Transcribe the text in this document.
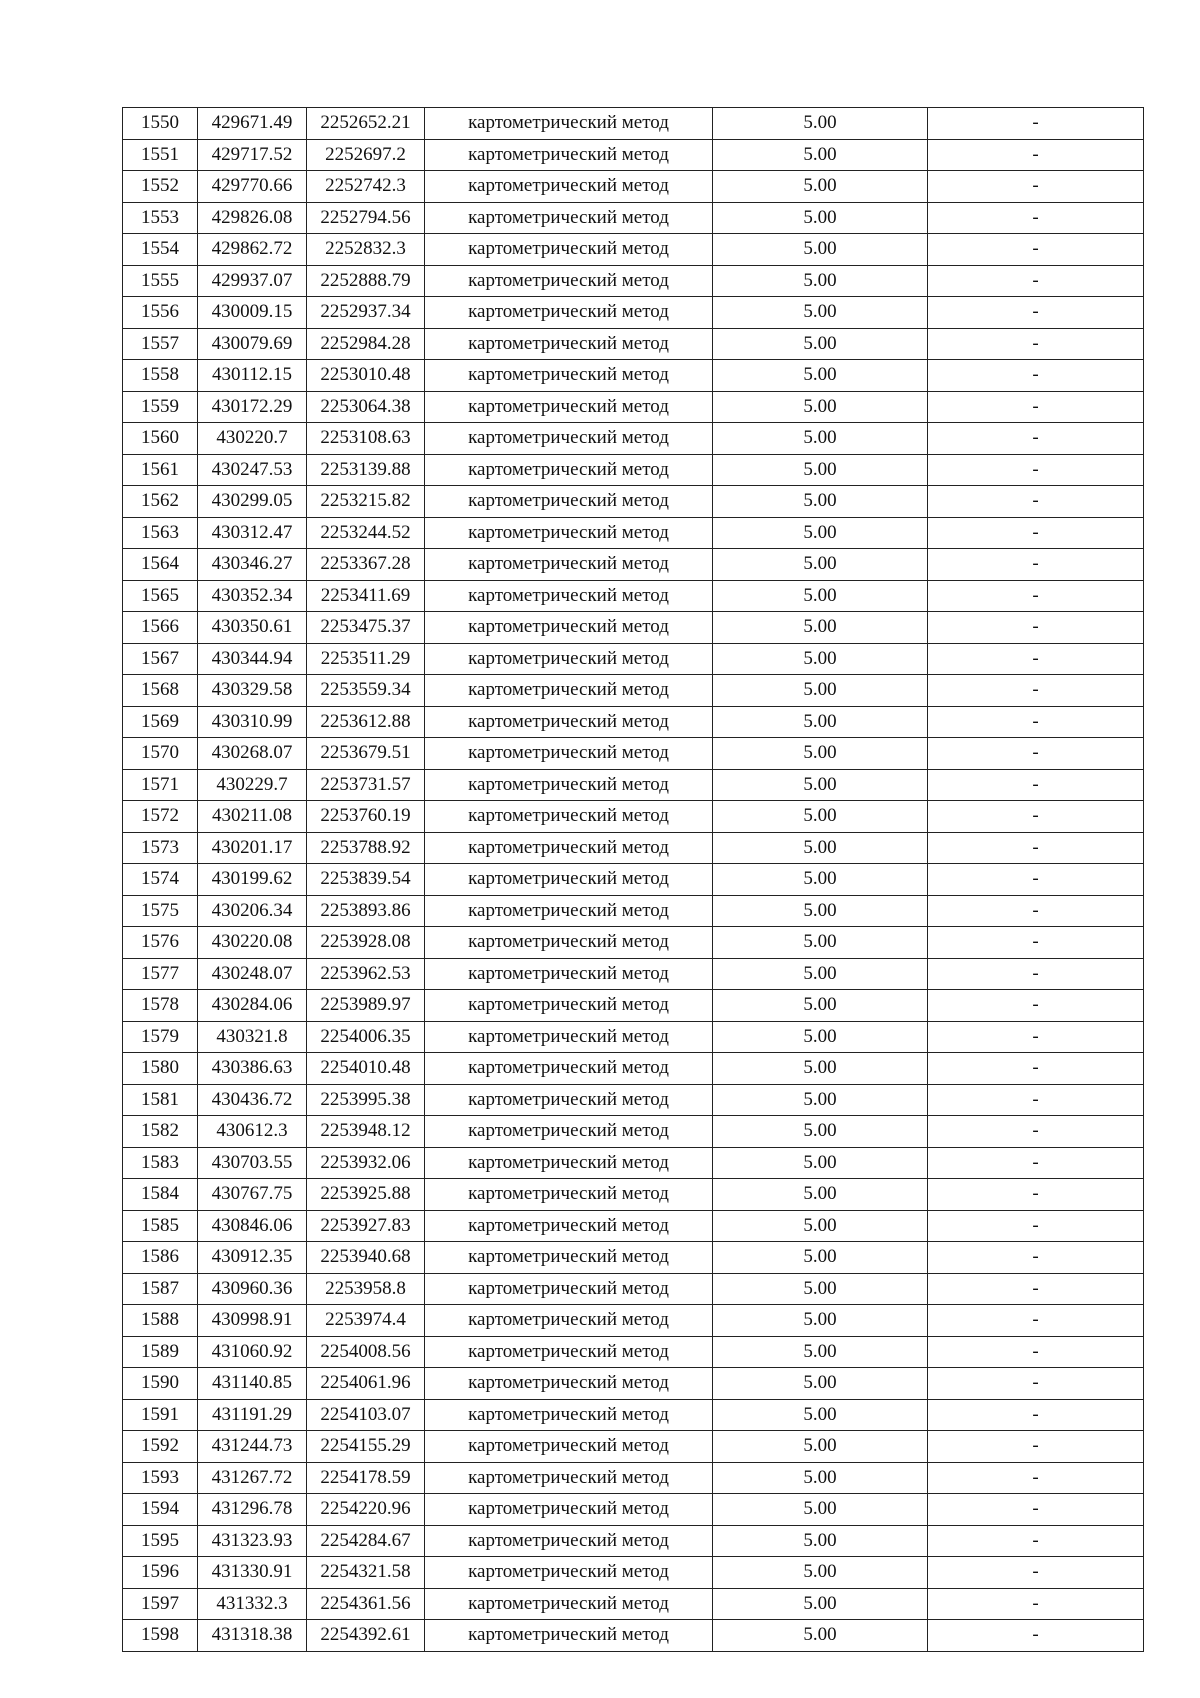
1550	429671.49	2252652.21	картометрический метод	5.00	-
1551	429717.52	2252697.2	картометрический метод	5.00	-
1552	429770.66	2252742.3	картометрический метод	5.00	-
1553	429826.08	2252794.56	картометрический метод	5.00	-
1554	429862.72	2252832.3	картометрический метод	5.00	-
1555	429937.07	2252888.79	картометрический метод	5.00	-
1556	430009.15	2252937.34	картометрический метод	5.00	-
1557	430079.69	2252984.28	картометрический метод	5.00	-
1558	430112.15	2253010.48	картометрический метод	5.00	-
1559	430172.29	2253064.38	картометрический метод	5.00	-
1560	430220.7	2253108.63	картометрический метод	5.00	-
1561	430247.53	2253139.88	картометрический метод	5.00	-
1562	430299.05	2253215.82	картометрический метод	5.00	-
1563	430312.47	2253244.52	картометрический метод	5.00	-
1564	430346.27	2253367.28	картометрический метод	5.00	-
1565	430352.34	2253411.69	картометрический метод	5.00	-
1566	430350.61	2253475.37	картометрический метод	5.00	-
1567	430344.94	2253511.29	картометрический метод	5.00	-
1568	430329.58	2253559.34	картометрический метод	5.00	-
1569	430310.99	2253612.88	картометрический метод	5.00	-
1570	430268.07	2253679.51	картометрический метод	5.00	-
1571	430229.7	2253731.57	картометрический метод	5.00	-
1572	430211.08	2253760.19	картометрический метод	5.00	-
1573	430201.17	2253788.92	картометрический метод	5.00	-
1574	430199.62	2253839.54	картометрический метод	5.00	-
1575	430206.34	2253893.86	картометрический метод	5.00	-
1576	430220.08	2253928.08	картометрический метод	5.00	-
1577	430248.07	2253962.53	картометрический метод	5.00	-
1578	430284.06	2253989.97	картометрический метод	5.00	-
1579	430321.8	2254006.35	картометрический метод	5.00	-
1580	430386.63	2254010.48	картометрический метод	5.00	-
1581	430436.72	2253995.38	картометрический метод	5.00	-
1582	430612.3	2253948.12	картометрический метод	5.00	-
1583	430703.55	2253932.06	картометрический метод	5.00	-
1584	430767.75	2253925.88	картометрический метод	5.00	-
1585	430846.06	2253927.83	картометрический метод	5.00	-
1586	430912.35	2253940.68	картометрический метод	5.00	-
1587	430960.36	2253958.8	картометрический метод	5.00	-
1588	430998.91	2253974.4	картометрический метод	5.00	-
1589	431060.92	2254008.56	картометрический метод	5.00	-
1590	431140.85	2254061.96	картометрический метод	5.00	-
1591	431191.29	2254103.07	картометрический метод	5.00	-
1592	431244.73	2254155.29	картометрический метод	5.00	-
1593	431267.72	2254178.59	картометрический метод	5.00	-
1594	431296.78	2254220.96	картометрический метод	5.00	-
1595	431323.93	2254284.67	картометрический метод	5.00	-
1596	431330.91	2254321.58	картометрический метод	5.00	-
1597	431332.3	2254361.56	картометрический метод	5.00	-
1598	431318.38	2254392.61	картометрический метод	5.00	-
